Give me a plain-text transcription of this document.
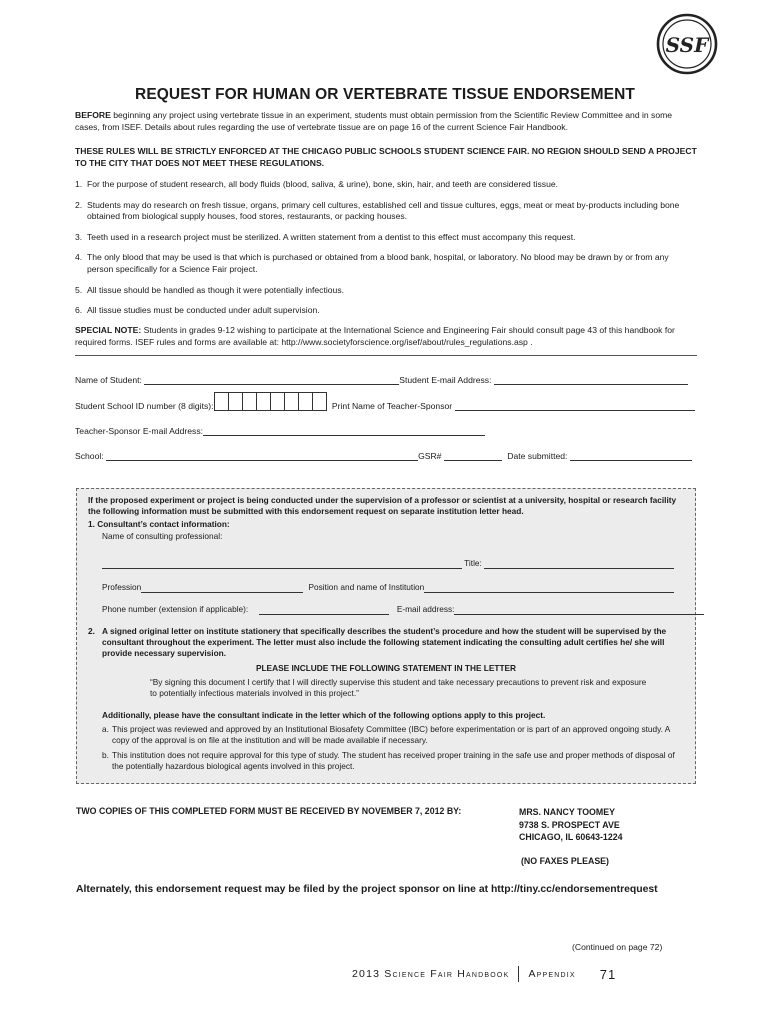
SSF
REQUEST FOR HUMAN OR VERTEBRATE TISSUE ENDORSEMENT
BEFORE beginning any project using vertebrate tissue in an experiment, students must obtain permission from the Scientific Review Committee and in some cases, from ISEF. Details about rules regarding the use of vertebrate tissue are on page 16 of the current Science Fair Handbook.
THESE RULES WILL BE STRICTLY ENFORCED AT THE CHICAGO PUBLIC SCHOOLS STUDENT SCIENCE FAIR. NO REGION SHOULD SEND A PROJECT TO THE CITY THAT DOES NOT MEET THESE REGULATIONS.
1. For the purpose of student research, all body fluids (blood, saliva, & urine), bone, skin, hair, and teeth are considered tissue.
2. Students may do research on fresh tissue, organs, primary cell cultures, established cell and tissue cultures, eggs, meat or meat by-products including bone obtained from biological supply houses, food stores, restaurants, or packing houses.
3. Teeth used in a research project must be sterilized. A written statement from a dentist to this effect must accompany this request.
4. The only blood that may be used is that which is purchased or obtained from a blood bank, hospital, or laboratory. No blood may be drawn by or from any person specifically for a Science Fair project.
5. All tissue should be handled as though it were potentially infectious.
6. All tissue studies must be conducted under adult supervision.
SPECIAL NOTE: Students in grades 9-12 wishing to participate at the International Science and Engineering Fair should consult page 43 of this handbook for required forms. ISEF rules and forms are available at: http://www.societyforscience.org/isef/about/rules_regulations.asp .
Name of Student:	Student E-mail Address:
Student School ID number (8 digits):	Print Name of Teacher-Sponsor
Teacher-Sponsor E-mail Address:
School:	GSR#	Date submitted:
If the proposed experiment or project is being conducted under the supervision of a professor or scientist at a university, hospital or research facility the following information must be submitted with this endorsement request on separate institution letter head.
1. Consultant’s contact information:
Name of consulting professional:
Title:
Profession	Position and name of Institution
Phone number (extension if applicable):	E-mail address:
2. A signed original letter on institute stationery that specifically describes the student’s procedure and how the student will be supervised by the consultant throughout the experiment. The letter must also include the following statement indicating the consulting adult certifies he/ she will provide necessary supervision.
PLEASE INCLUDE THE FOLLOWING STATEMENT IN THE LETTER
“By signing this document I certify that I will directly supervise this student and take necessary precautions to prevent risk and exposure to potentially infectious materials involved in this project.”
Additionally, please have the consultant indicate in the letter which of the following options apply to this project.
a. This project was reviewed and approved by an Institutional Biosafety Committee (IBC) before experimentation or is part of an approved ongoing study. A copy of the approval is on file at the institution and will be made available if necessary.
b. This institution does not require approval for this type of study. The student has received proper training in the safe use and proper methods of disposal of the potentially hazardous biological agents involved in this project.
TWO COPIES OF THIS COMPLETED FORM MUST BE RECEIVED BY NOVEMBER 7, 2012 BY:	MRS. NANCY TOOMEY
9738 S. PROSPECT AVE
CHICAGO, IL 60643-1224
(NO FAXES PLEASE)
Alternately, this endorsement request may be filed by the project sponsor on line at http://tiny.cc/endorsementrequest
(Continued on page 72)
2013 Science Fair Handbook Appendix 71
